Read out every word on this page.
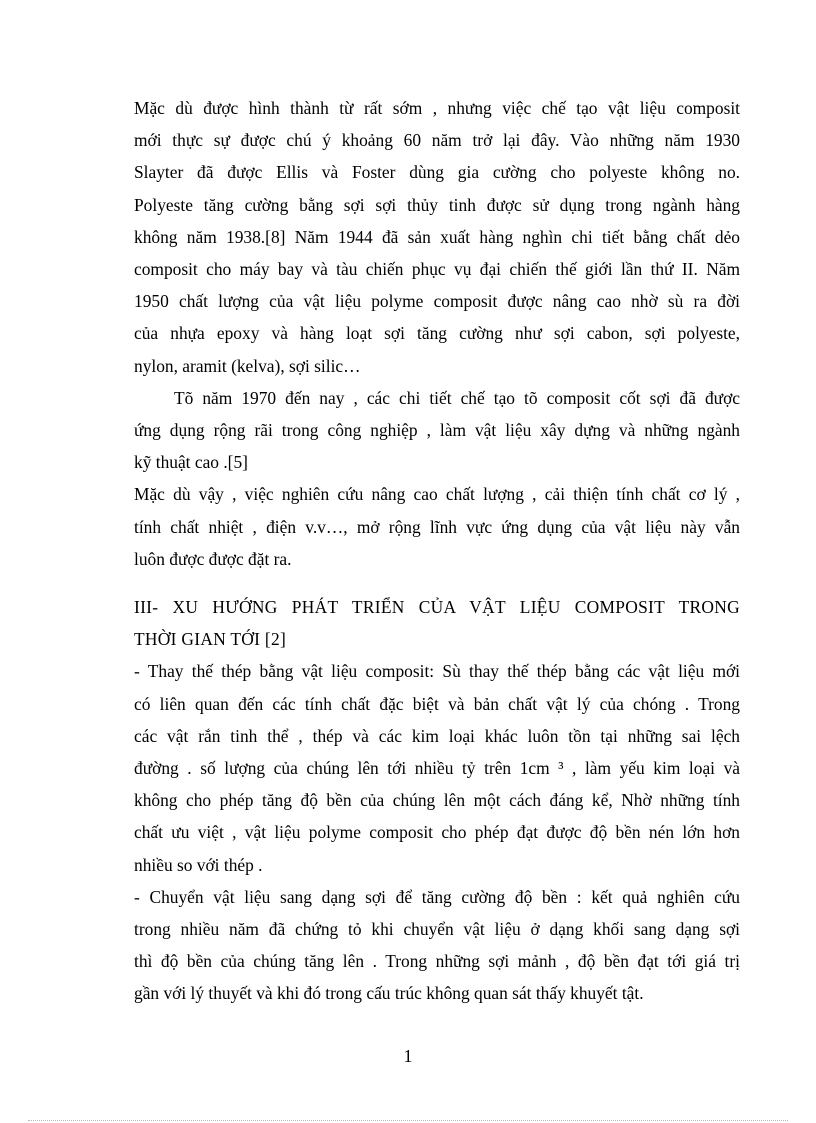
Mặc dù được hình thành từ rất sớm , nhưng việc chế tạo vật liệu composit
mới thực sự được chú ý khoảng 60 năm trở lại đây. Vào những năm 1930
Slayter đã được Ellis và Foster dùng gia cường cho polyeste không no.
Polyeste tăng cường bằng sợi sợi thủy tinh được sử dụng trong ngành hàng
không năm 1938.[8] Năm 1944 đã sản xuất hàng nghìn chi tiết bằng chất dẻo
composit cho máy bay và tàu chiến phục vụ đại chiến thế giới lần thứ II. Năm
1950 chất lượng của vật liệu polyme composit được nâng cao nhờ sù ra đời
của nhựa epoxy và hàng loạt sợi tăng cường như sợi cabon, sợi polyeste,
nylon, aramit (kelva), sợi silic…
Tõ năm 1970 đến nay , các chi tiết chế tạo tõ composit cốt sợi đã được
ứng dụng rộng rãi trong công nghiệp , làm vật liệu xây dựng và những ngành
kỹ thuật cao .[5]
Mặc dù vậy , việc nghiên cứu nâng cao chất lượng , cải thiện tính chất cơ lý ,
tính chất nhiệt , điện v.v…, mở rộng lĩnh vực ứng dụng của vật liệu này vẫn
luôn được được đặt ra.
III- XU HƯỚNG PHÁT TRIỂN CỦA VẬT LIỆU COMPOSIT TRONG
THỜI GIAN TỚI [2]
- Thay thế thép bằng vật liệu composit: Sù thay thế thép bằng các vật liệu mới
có liên quan đến các tính chất đặc biệt và bản chất vật lý của chóng . Trong
các vật rắn tinh thể , thép và các kim loại khác luôn tồn tại những sai lệch
đường . số lượng của chúng lên tới nhiều tỷ trên 1cm ³ , làm yếu kim loại và
không cho phép tăng độ bền của chúng lên một cách đáng kể, Nhờ những tính
chất ưu việt , vật liệu polyme composit cho phép đạt được độ bền nén lớn hơn
nhiều so với thép .
- Chuyển vật liệu sang dạng sợi để tăng cường độ bền : kết quả nghiên cứu
trong nhiều năm đã chứng tỏ khi chuyển vật liệu ở dạng khối sang dạng sợi
thì độ bền của chúng tăng lên . Trong những sợi mảnh , độ bền đạt tới giá trị
gần với lý thuyết và khi đó trong cấu trúc không quan sát thấy khuyết tật.
1
